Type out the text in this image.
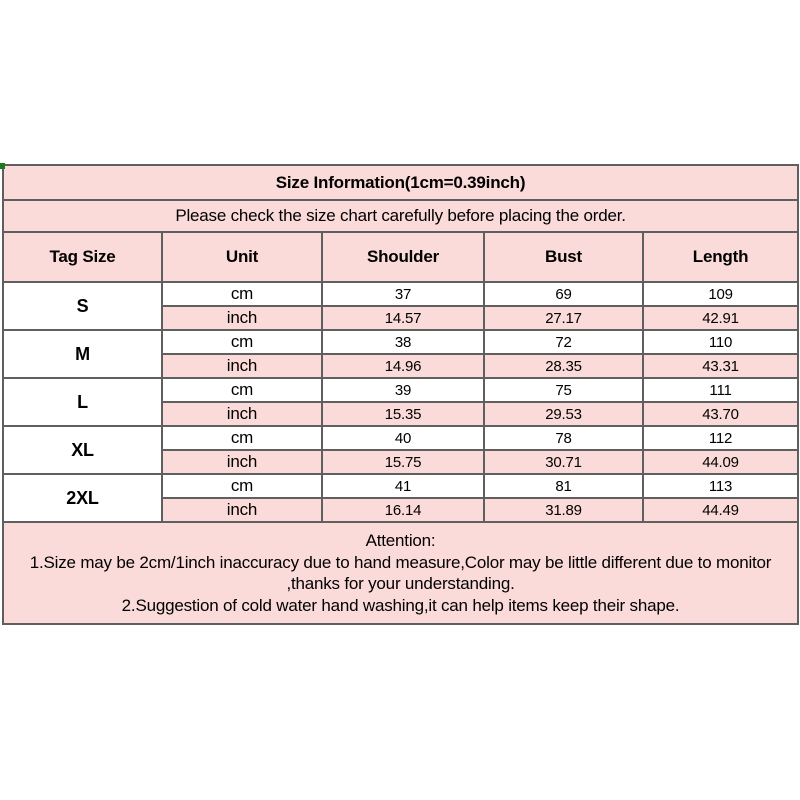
Size Information(1cm=0.39inch)				
Please check the size chart carefully before placing the order.				
Tag Size	Unit	Shoulder	Bust	Length
S	cm	37	69	109
	inch	14.57	27.17	42.91
M	cm	38	72	110
	inch	14.96	28.35	43.31
L	cm	39	75	111
	inch	15.35	29.53	43.70
XL	cm	40	78	112
	inch	15.75	30.71	44.09
2XL	cm	41	81	113
	inch	16.14	31.89	44.49

Attention:
1.Size may be 2cm/1inch inaccuracy due to hand measure,Color may be little different due to monitor
,thanks for your understanding.
2.Suggestion of cold water hand washing,it can help items keep their shape.				
